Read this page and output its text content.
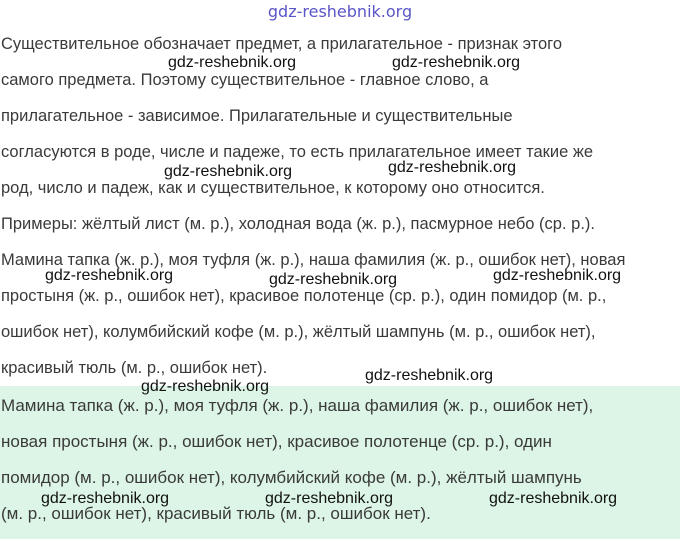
gdz-reshebnik.org

Существительное обозначает предмет, а прилагательное - признак этого
самого предмета. Поэтому существительное - главное слово, а
прилагательное - зависимое. Прилагательные и существительные
согласуются в роде, числе и падеже, то есть прилагательное имеет такие же
род, число и падеж, как и существительное, к которому оно относится.
Примеры: жёлтый лист (м. р.), холодная вода (ж. р.), пасмурное небо (ср. р.).
Мамина тапка (ж. р.), моя туфля (ж. р.), наша фамилия (ж. р., ошибок нет), новая
простыня (ж. р., ошибок нет), красивое полотенце (ср. р.), один помидор (м. р.,
ошибок нет), колумбийский кофе (м. р.), жёлтый шампунь (м. р., ошибок нет),
красивый тюль (м. р., ошибок нет).

Мамина тапка (ж. р.), моя туфля (ж. р.), наша фамилия (ж. р., ошибок нет),
новая простыня (ж. р., ошибок нет), красивое полотенце (ср. р.), один
помидор (м. р., ошибок нет), колумбийский кофе (м. р.), жёлтый шампунь
(м. р., ошибок нет), красивый тюль (м. р., ошибок нет).

gdz-reshebnik.org	gdz-reshebnik.org
gdz-reshebnik.org	gdz-reshebnik.org
gdz-reshebnik.org	gdz-reshebnik.org	gdz-reshebnik.org
gdz-reshebnik.org
gdz-reshebnik.org
gdz-reshebnik.org	gdz-reshebnik.org	gdz-reshebnik.org
